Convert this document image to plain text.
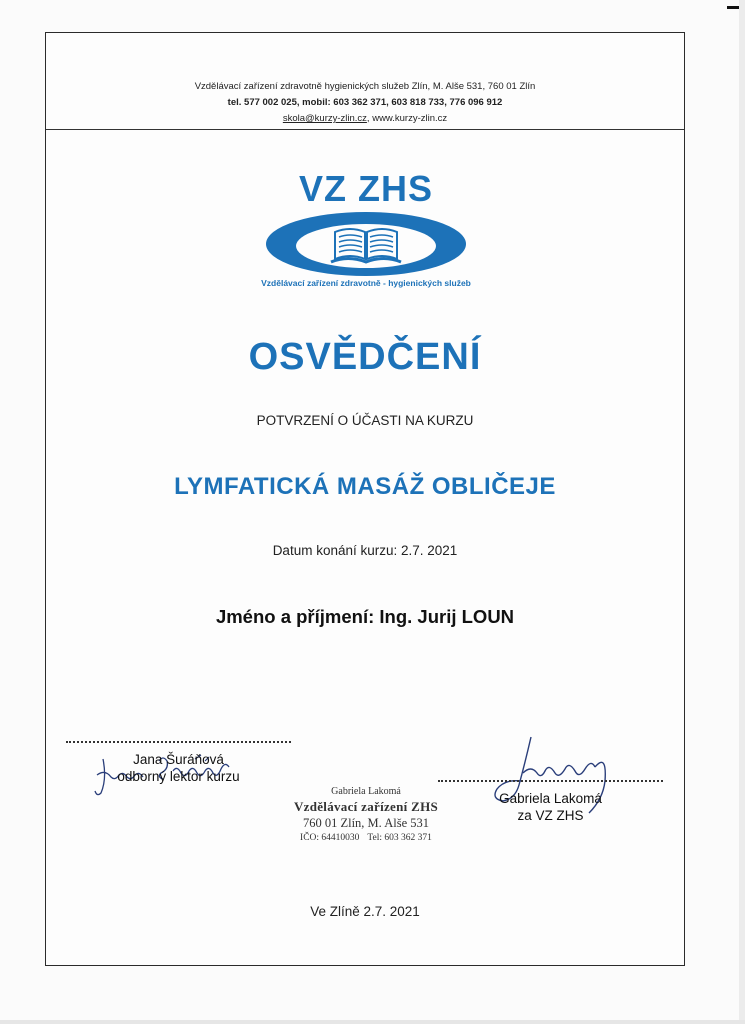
Vzdělávací zařízení zdravotně hygienických služeb Zlín, M. Alše 531, 760 01 Zlín
tel. 577 002 025, mobil: 603 362 371, 603 818 733, 776 096 912
skola@kurzy-zlin.cz, www.kurzy-zlin.cz
VZ ZHS
Vzdělávací zařízení zdravotně - hygienických služeb
OSVĚDČENÍ
POTVRZENÍ O ÚČASTI NA KURZU
LYMFATICKÁ MASÁŽ OBLIČEJE
Datum konání kurzu: 2.7. 2021
Jméno a příjmení: Ing. Jurij LOUN
Jana Šuráňová
odborný lektor kurzu
Gabriela Lakomá
za VZ ZHS
Gabriela Lakomá
Vzdělávací zařízení ZHS
760 01 Zlín, M. Alše 531
IČO: 64410030 Tel: 603 362 371
Ve Zlíně 2.7. 2021
